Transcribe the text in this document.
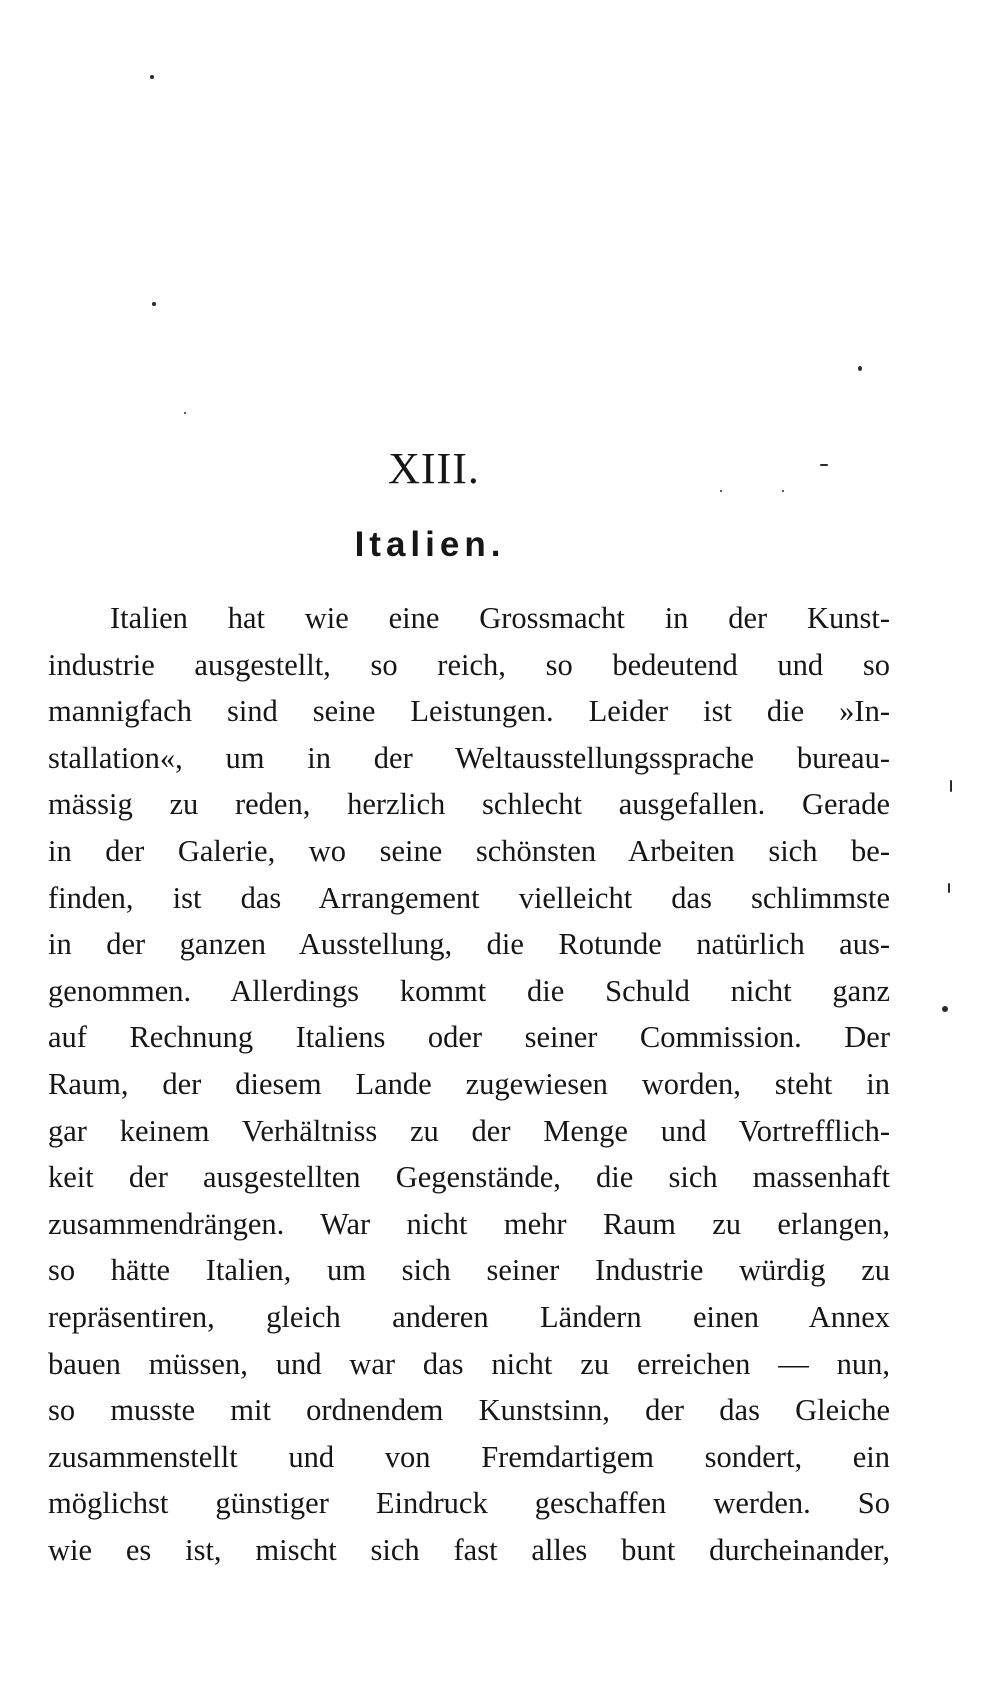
XIII.
Italien.
Italien hat wie eine Grossmacht in der Kunst-
industrie ausgestellt, so reich, so bedeutend und so
mannigfach sind seine Leistungen. Leider ist die »In-
stallation«, um in der Weltausstellungssprache bureau-
mässig zu reden, herzlich schlecht ausgefallen. Gerade
in der Galerie, wo seine schönsten Arbeiten sich be-
finden, ist das Arrangement vielleicht das schlimmste
in der ganzen Ausstellung, die Rotunde natürlich aus-
genommen. Allerdings kommt die Schuld nicht ganz
auf Rechnung Italiens oder seiner Commission. Der
Raum, der diesem Lande zugewiesen worden, steht in
gar keinem Verhältniss zu der Menge und Vortrefflich-
keit der ausgestellten Gegenstände, die sich massenhaft
zusammendrängen. War nicht mehr Raum zu erlangen,
so hätte Italien, um sich seiner Industrie würdig zu
repräsentiren, gleich anderen Ländern einen Annex
bauen müssen, und war das nicht zu erreichen — nun,
so musste mit ordnendem Kunstsinn, der das Gleiche
zusammenstellt und von Fremdartigem sondert, ein
möglichst günstiger Eindruck geschaffen werden. So
wie es ist, mischt sich fast alles bunt durcheinander,
